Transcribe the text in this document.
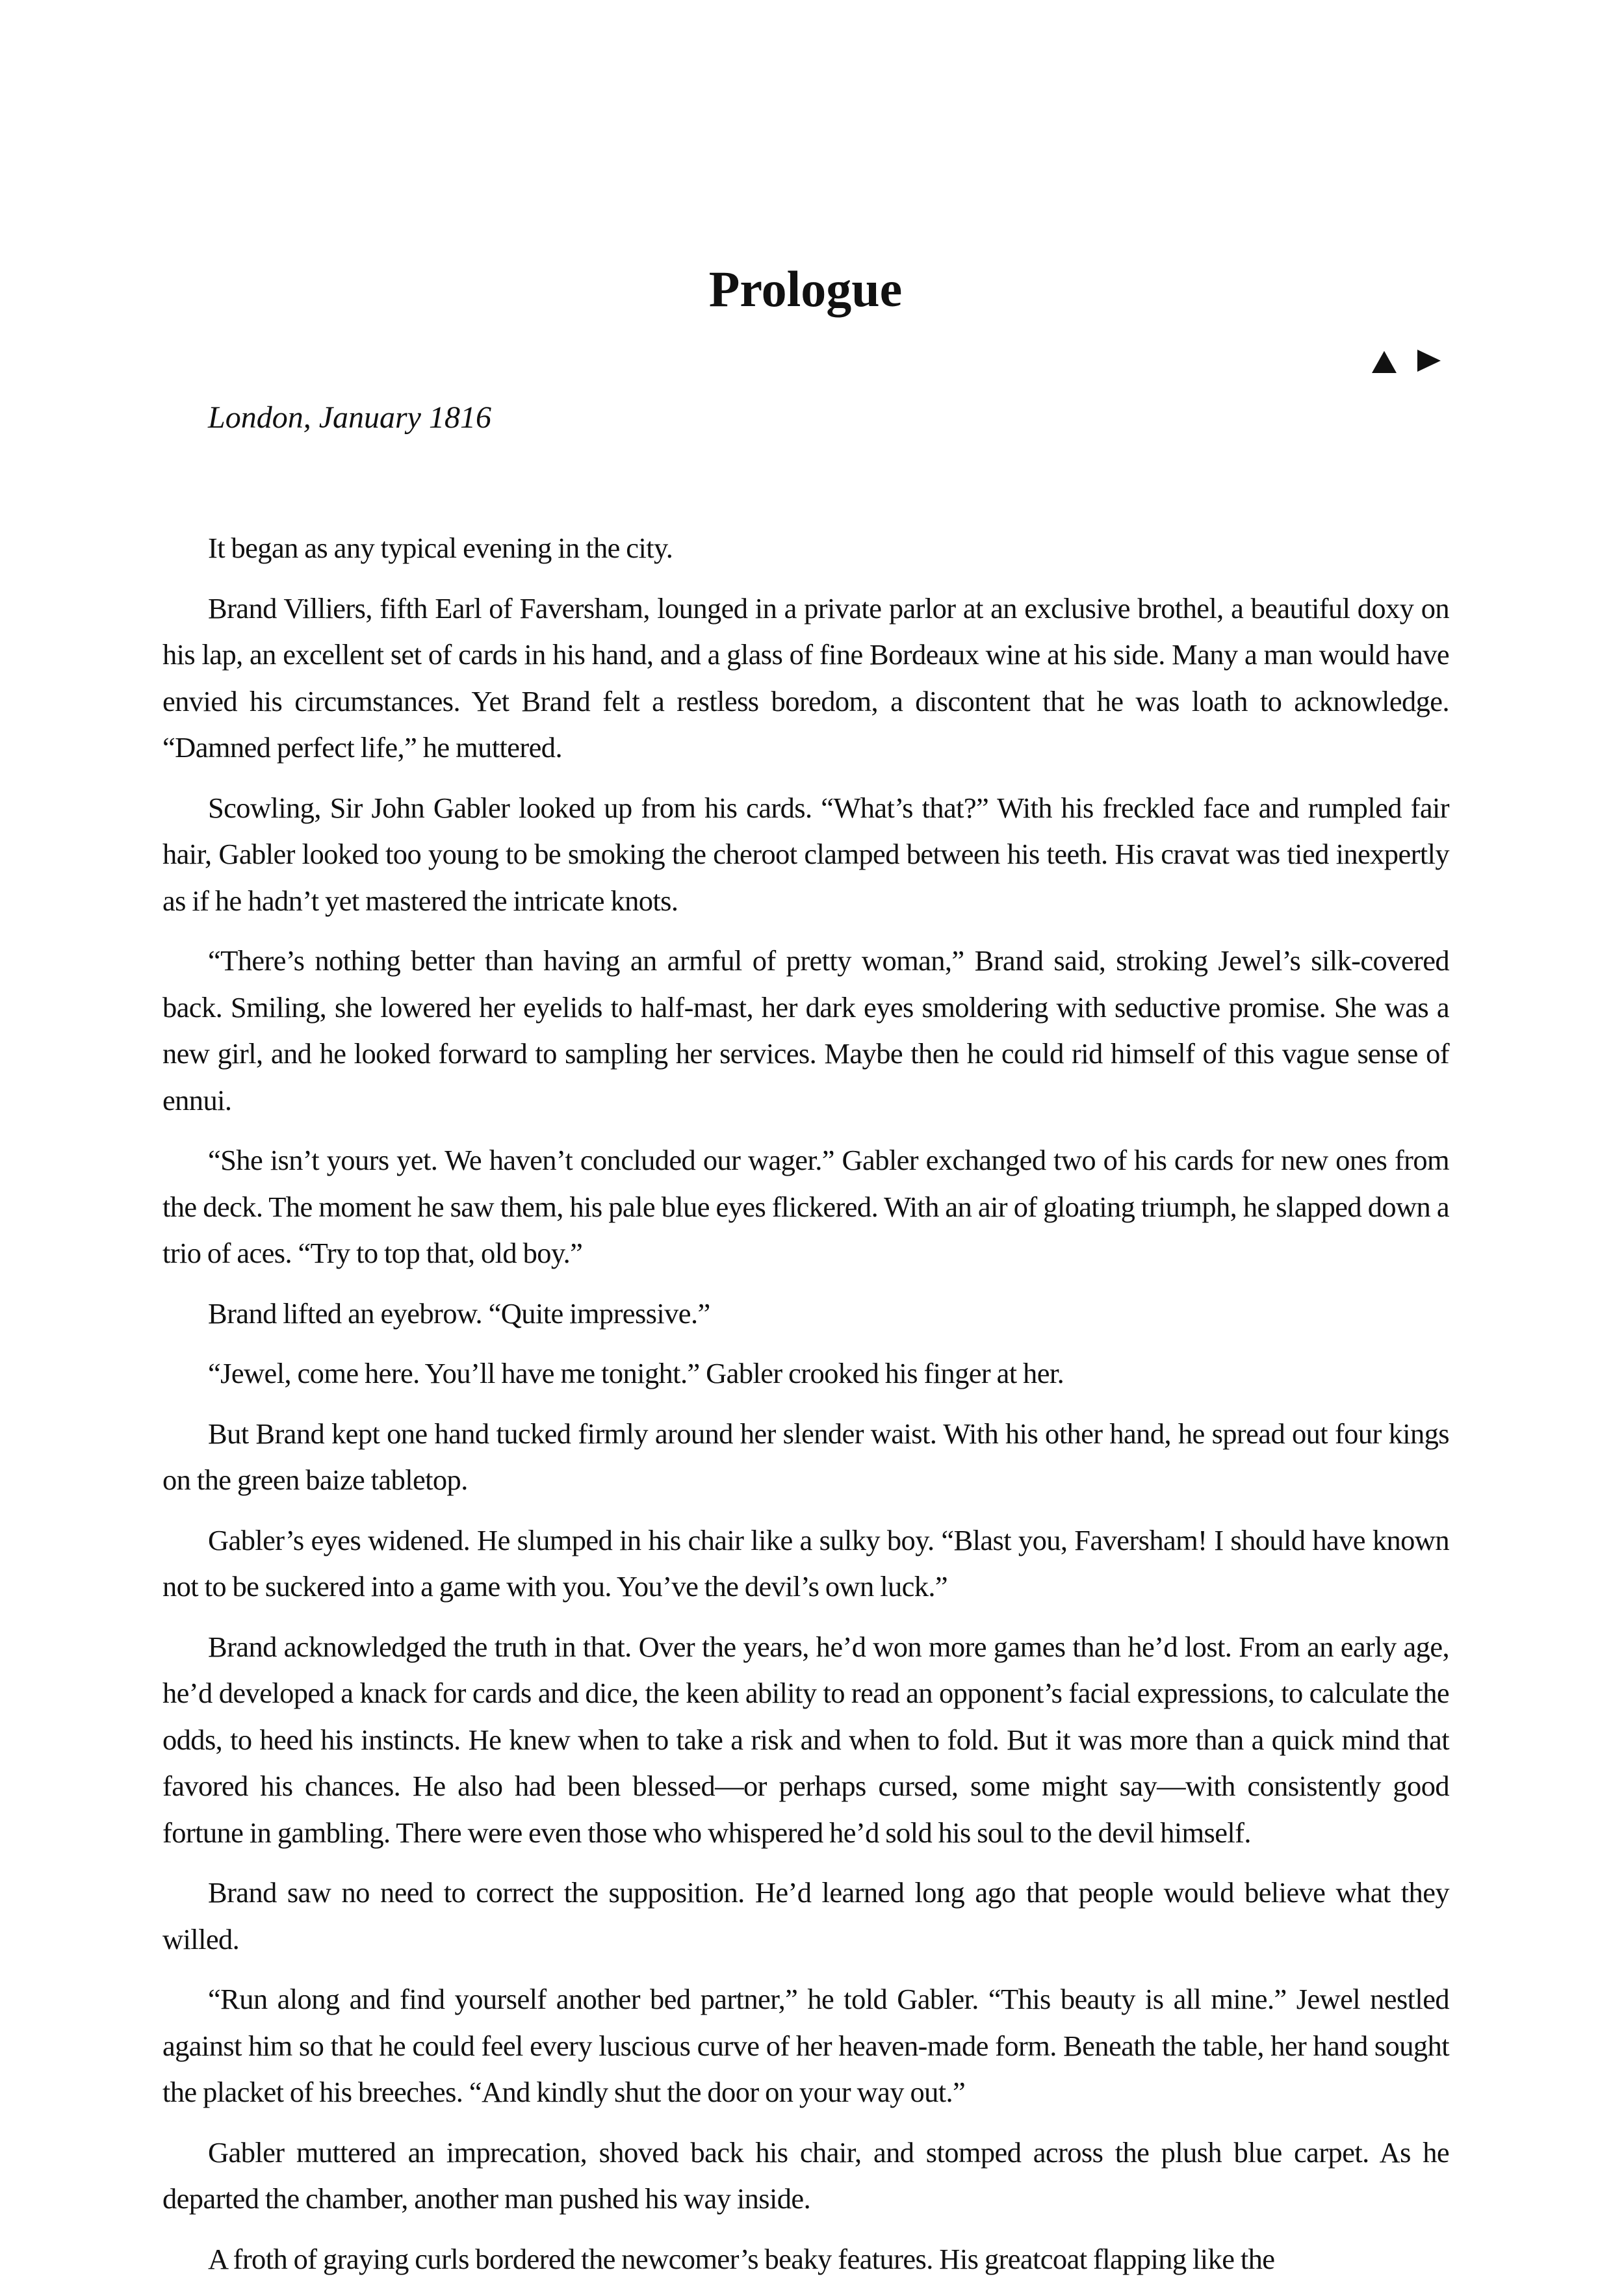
Prologue

London, January 1816

It began as any typical evening in the city.

Brand Villiers, fifth Earl of Faversham, lounged in a private parlor at an exclusive brothel, a beautiful doxy on his lap, an excellent set of cards in his hand, and a glass of fine Bordeaux wine at his side. Many a man would have envied his circumstances. Yet Brand felt a restless boredom, a discontent that he was loath to acknowledge. “Damned perfect life,” he muttered.

Scowling, Sir John Gabler looked up from his cards. “What’s that?” With his freckled face and rumpled fair hair, Gabler looked too young to be smoking the cheroot clamped between his teeth. His cravat was tied inexpertly as if he hadn’t yet mastered the intricate knots.

“There’s nothing better than having an armful of pretty woman,” Brand said, stroking Jewel’s silk-covered back. Smiling, she lowered her eyelids to half-mast, her dark eyes smoldering with seductive promise. She was a new girl, and he looked forward to sampling her services. Maybe then he could rid himself of this vague sense of ennui.

“She isn’t yours yet. We haven’t concluded our wager.” Gabler exchanged two of his cards for new ones from the deck. The moment he saw them, his pale blue eyes flickered. With an air of gloating triumph, he slapped down a trio of aces. “Try to top that, old boy.”

Brand lifted an eyebrow. “Quite impressive.”

“Jewel, come here. You’ll have me tonight.” Gabler crooked his finger at her.

But Brand kept one hand tucked firmly around her slender waist. With his other hand, he spread out four kings on the green baize tabletop.

Gabler’s eyes widened. He slumped in his chair like a sulky boy. “Blast you, Faversham! I should have known not to be suckered into a game with you. You’ve the devil’s own luck.”

Brand acknowledged the truth in that. Over the years, he’d won more games than he’d lost. From an early age, he’d developed a knack for cards and dice, the keen ability to read an opponent’s facial expressions, to calculate the odds, to heed his instincts. He knew when to take a risk and when to fold. But it was more than a quick mind that favored his chances. He also had been blessed—or perhaps cursed, some might say—with consistently good fortune in gambling. There were even those who whispered he’d sold his soul to the devil himself.

Brand saw no need to correct the supposition. He’d learned long ago that people would believe what they willed.

“Run along and find yourself another bed partner,” he told Gabler. “This beauty is all mine.” Jewel nestled against him so that he could feel every luscious curve of her heaven-made form. Beneath the table, her hand sought the placket of his breeches. “And kindly shut the door on your way out.”

Gabler muttered an imprecation, shoved back his chair, and stomped across the plush blue carpet. As he departed the chamber, another man pushed his way inside.

A froth of graying curls bordered the newcomer’s beaky features. His greatcoat flapping like the
